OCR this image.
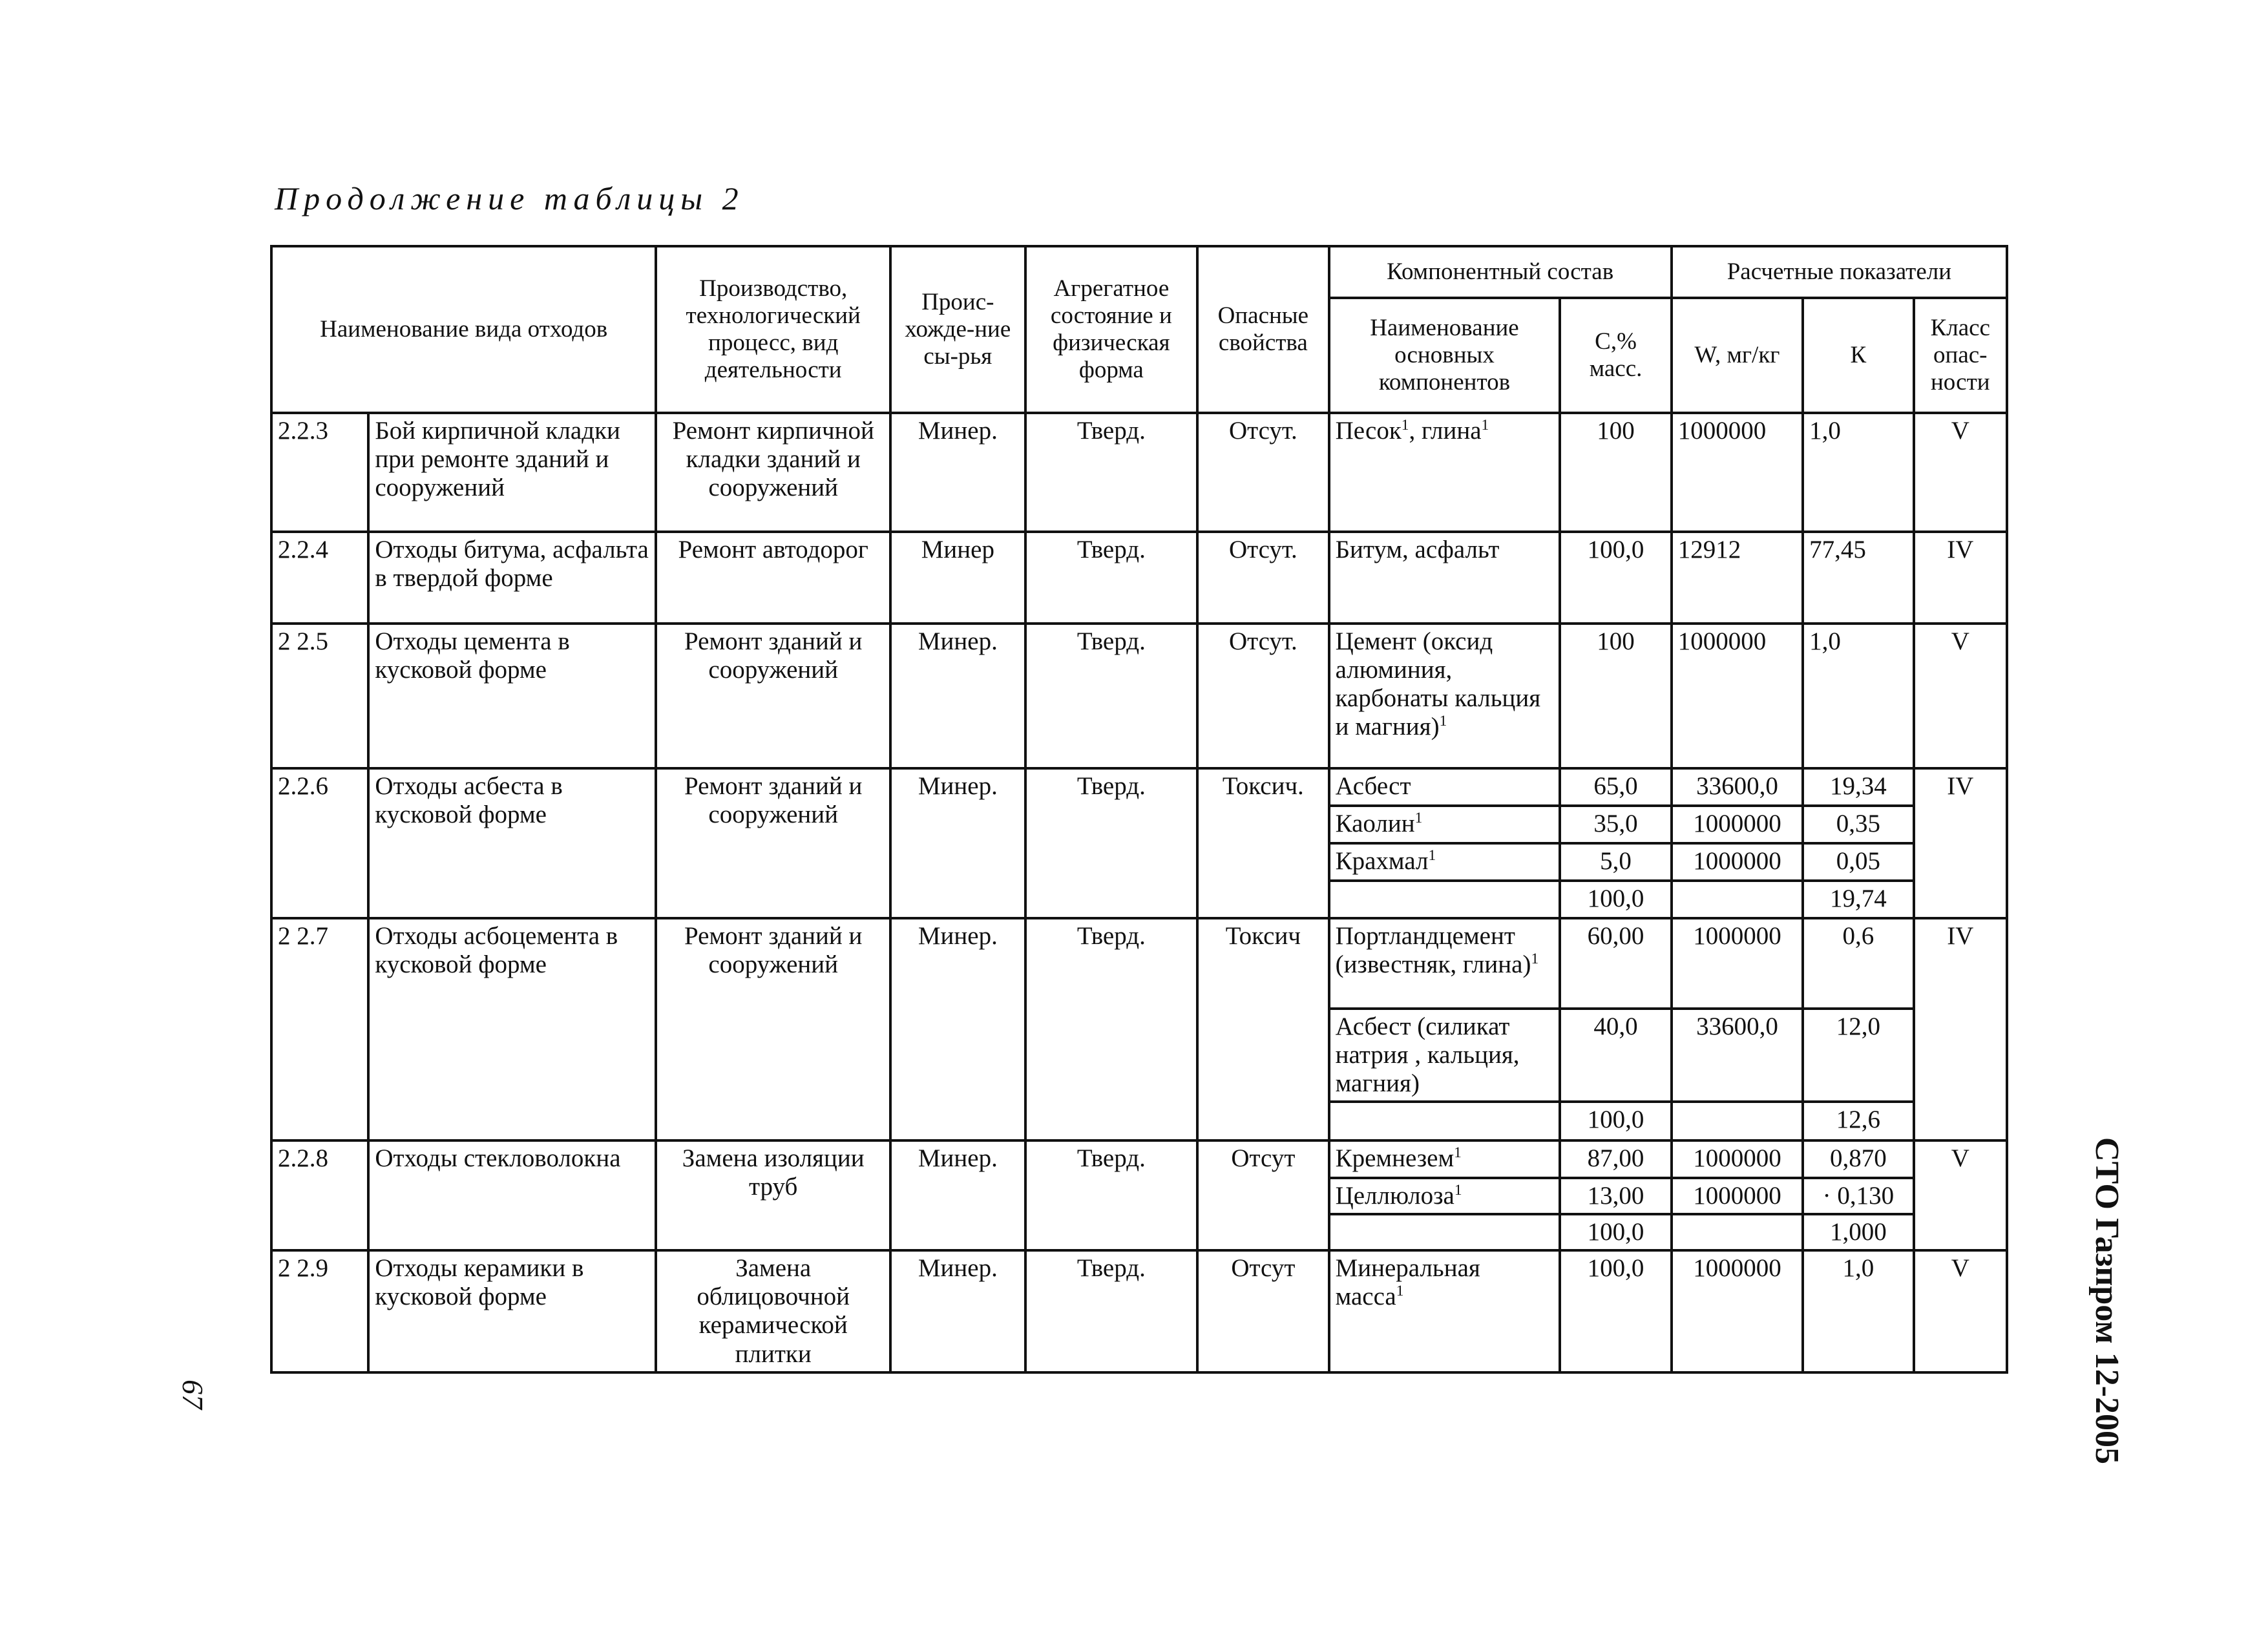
Продолжение таблицы 2
Наименование вида отходов		Производство, технологический процесс, вид деятельности	Проис-хожде-ние сы-рья	Агрегатное состояние и физическая форма	Опасные свойства	Компонентный состав		Расчетные показатели		
						Наименование основных компонентов	С,% масс.	W, мг/кг	К	Класс опас-ности
2.2.3	Бой кирпичной кладки при ремонте зданий и сооружений	Ремонт кирпичной кладки зданий и сооружений	Минер.	Тверд.	Отсут.	Песок$^1$, глина$^1$	100	1000000	1,0	V
2.2.4	Отходы битума, асфальта в твердой форме	Ремонт автодорог	Минер	Тверд.	Отсут.	Битум, асфальт	100,0	12912	77,45	IV
2 2.5	Отходы цемента в кусковой форме	Ремонт зданий и сооружений	Минер.	Тверд.	Отсут.	Цемент (оксид алюминия, карбонаты кальция и магния)$^1$	100	1000000	1,0	V
2.2.6	Отходы асбеста в кусковой форме	Ремонт зданий и сооружений	Минер.	Тверд.	Токсич.	Асбест	65,0	33600,0	19,34	IV
						Каолин$^1$	35,0	1000000	0,35	
						Крахмал$^1$	5,0	1000000	0,05	
							100,0		19,74	
2 2.7	Отходы асбоцемента в кусковой форме	Ремонт зданий и сооружений	Минер.	Тверд.	Токсич	Портландцемент (известняк, глина)$^1$	60,00	1000000	0,6	IV
						Асбест (силикат натрия , кальция, магния)	40,0	33600,0	12,0	
							100,0		12,6	
2.2.8	Отходы стекловолокна	Замена изоляции труб	Минер.	Тверд.	Отсут	Кремнезем$^1$	87,00	1000000	0,870	V
						Целлюлоза$^1$	13,00	1000000	· 0,130	
							100,0		1,000	
2 2.9	Отходы керамики в кусковой форме	Замена облицовочной керамической плитки	Минер.	Тверд.	Отсут	Минеральная масса$^1$	100,0	1000000	1,0	V	СТО Газпром 12-2005
67
